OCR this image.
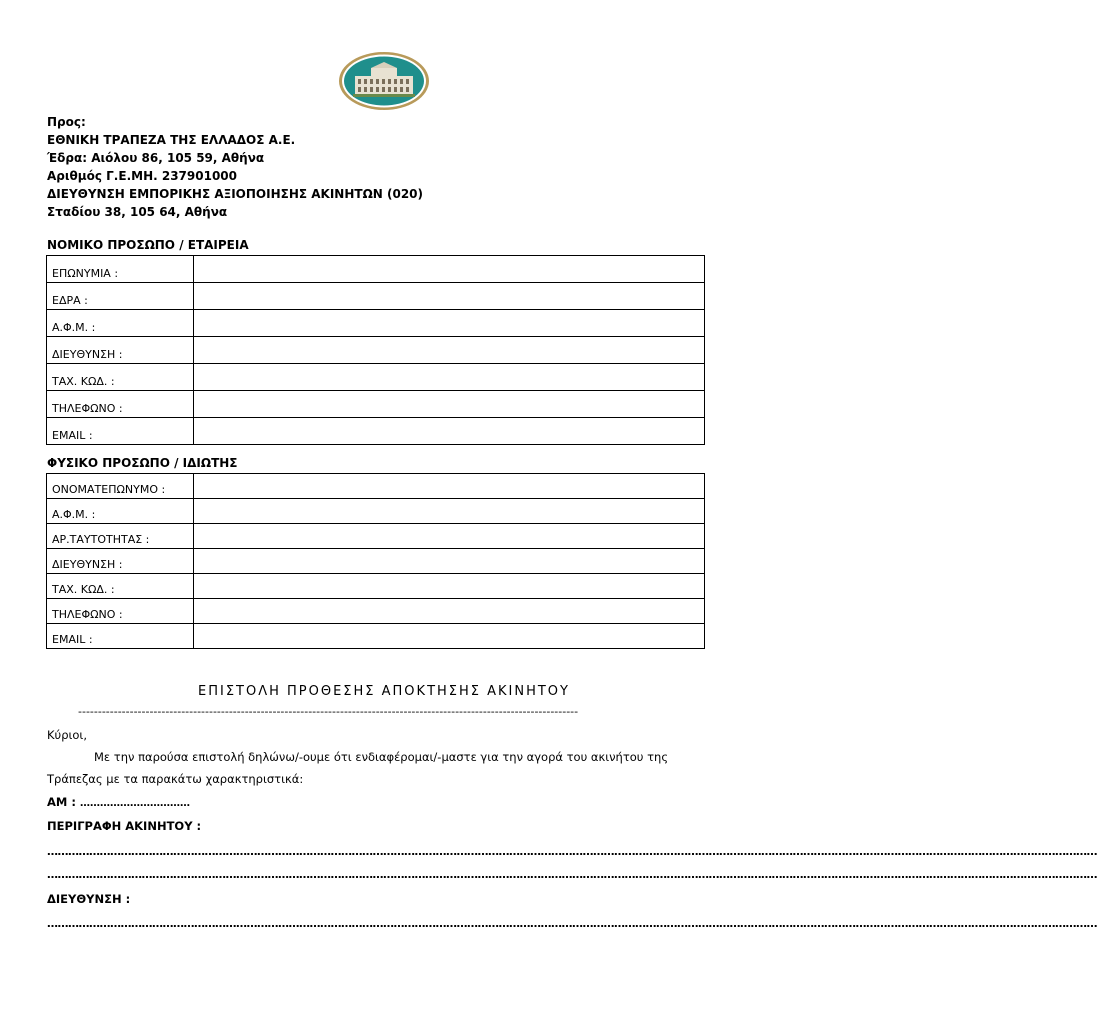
Προς:
ΕΘΝΙΚΗ ΤΡΑΠΕΖΑ ΤΗΣ ΕΛΛΑΔΟΣ Α.Ε.
Έδρα: Αιόλου 86, 105 59, Αθήνα
Αριθμός Γ.Ε.ΜΗ. 237901000
ΔΙΕΥΘΥΝΣΗ ΕΜΠΟΡΙΚΗΣ ΑΞΙΟΠΟΙΗΣΗΣ ΑΚΙΝΗΤΩΝ (020)
Σταδίου 38, 105 64, Αθήνα
ΝΟΜΙΚΟ ΠΡΟΣΩΠΟ / ΕΤΑΙΡΕΙΑ
ΕΠΩΝΥΜΙΑ :	
ΕΔΡΑ :	
Α.Φ.Μ. :	
ΔΙΕΥΘΥΝΣΗ :	
ΤΑΧ. ΚΩΔ. :	
ΤΗΛΕΦΩΝΟ :	
EMAIL :	
ΦΥΣΙΚΟ ΠΡΟΣΩΠΟ / ΙΔΙΩΤΗΣ
ΟΝΟΜΑΤΕΠΩΝΥΜΟ :	
Α.Φ.Μ. :	
ΑΡ.ΤΑΥΤΟΤΗΤΑΣ :	
ΔΙΕΥΘΥΝΣΗ :	
ΤΑΧ. ΚΩΔ. :	
ΤΗΛΕΦΩΝΟ :	
EMAIL :	
ΕΠΙΣΤΟΛΗ ΠΡΟΘΕΣΗΣ ΑΠΟΚΤΗΣΗΣ ΑΚΙΝΗΤΟΥ
------------------------------------------------------------------------------------------------------------------------------
Κύριοι,
Με την παρούσα επιστολή δηλώνω/-ουμε ότι ενδιαφέρομαι/-μαστε για την αγορά του ακινήτου της
Τράπεζας με τα παρακάτω χαρακτηριστικά:
ΑΜ : ……………………………
ΠΕΡΙΓΡΑΦΗ ΑΚΙΝΗΤΟΥ :
…………………………………………………………………………………………………………………………………………………………………………………………………………………………………………………………………………
…………………………………………………………………………………………………………………………………………………………………………………………………………………………………………………………………………
ΔΙΕΥΘΥΝΣΗ :
…………………………………………………………………………………………………………………………………………………………………………………………………………………………………………………………………………
